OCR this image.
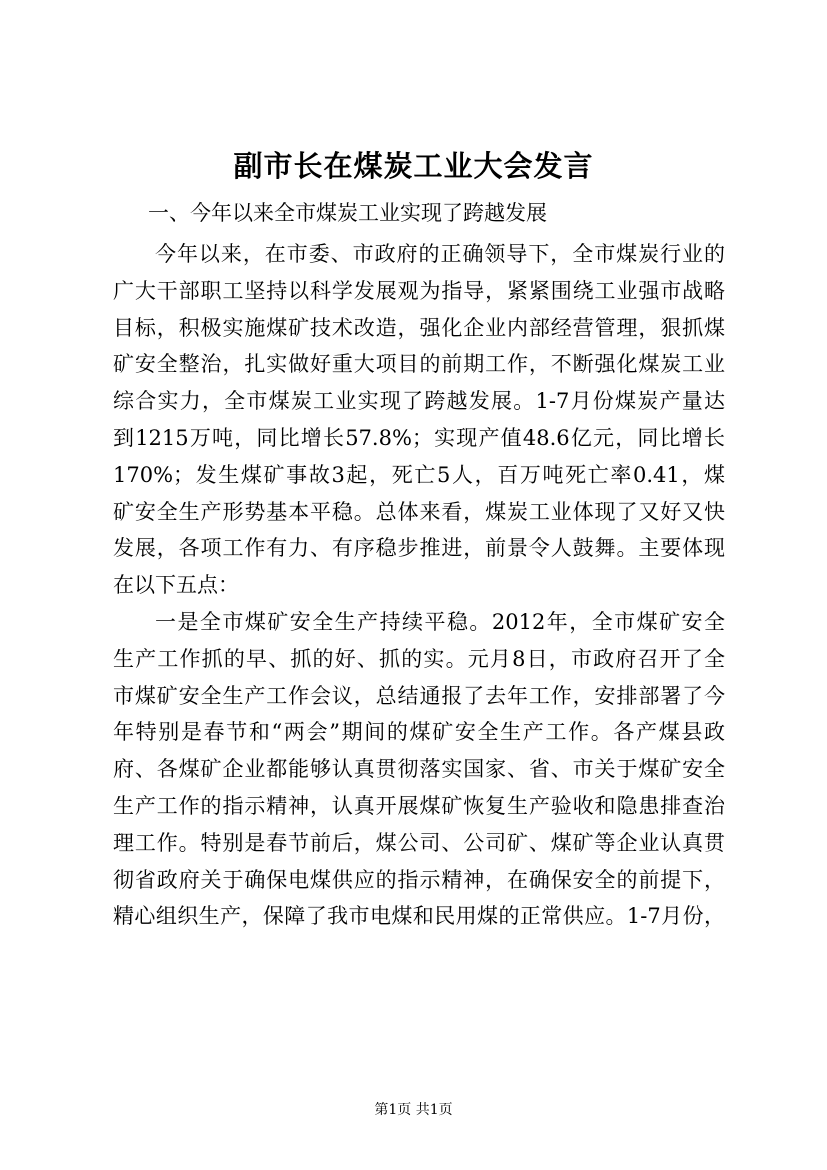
副市长在煤炭工业大会发言

一、今年以来全市煤炭工业实现了跨越发展

今年以来，在市委、市政府的正确领导下，全市煤炭行业的
广大干部职工坚持以科学发展观为指导，紧紧围绕工业强市战略
目标，积极实施煤矿技术改造，强化企业内部经营管理，狠抓煤
矿安全整治，扎实做好重大项目的前期工作，不断强化煤炭工业
综合实力，全市煤炭工业实现了跨越发展。1-7月份煤炭产量达
到1215万吨，同比增长57.8%；实现产值48.6亿元，同比增长
170%；发生煤矿事故3起，死亡5人，百万吨死亡率0.41，煤
矿安全生产形势基本平稳。总体来看，煤炭工业体现了又好又快
发展，各项工作有力、有序稳步推进，前景令人鼓舞。主要体现
在以下五点：
一是全市煤矿安全生产持续平稳。2012年，全市煤矿安全
生产工作抓的早、抓的好、抓的实。元月8日，市政府召开了全
市煤矿安全生产工作会议，总结通报了去年工作，安排部署了今
年特别是春节和“两会”期间的煤矿安全生产工作。各产煤县政
府、各煤矿企业都能够认真贯彻落实国家、省、市关于煤矿安全
生产工作的指示精神，认真开展煤矿恢复生产验收和隐患排查治
理工作。特别是春节前后，煤公司、公司矿、煤矿等企业认真贯
彻省政府关于确保电煤供应的指示精神，在确保安全的前提下，
精心组织生产，保障了我市电煤和民用煤的正常供应。1-7月份，

第1页 共1页
